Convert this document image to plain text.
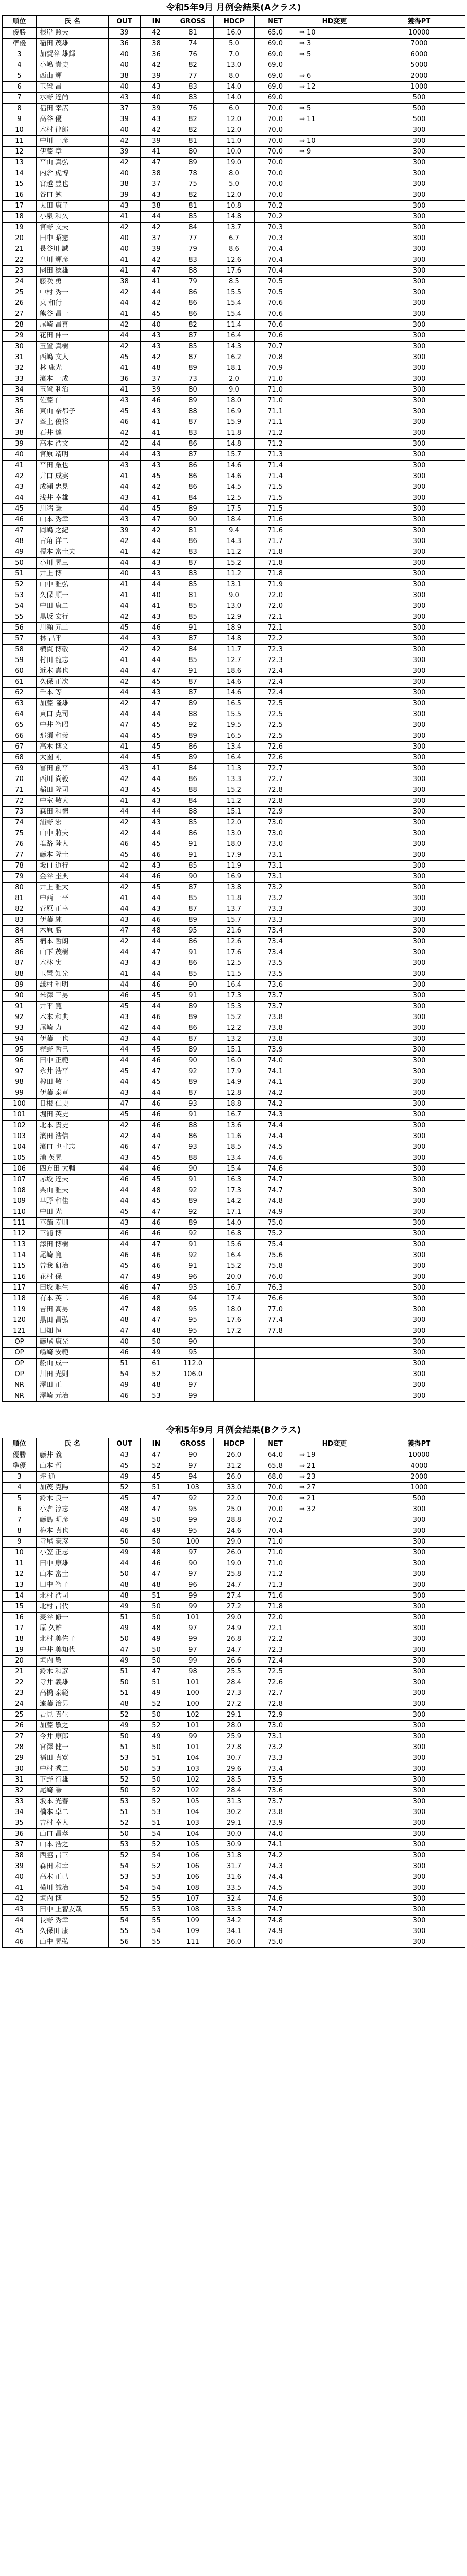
令和5年9月 月例会結果(Aクラス)
順位	氏 名	OUT	IN	GROSS	HDCP	NET	HD変更	獲得PT
優勝	根岸 照夫	39	42	81	16.0	65.0	⇒ 10	10000
準優	稲田 茂雄	36	38	74	5.0	69.0	⇒ 3	7000
3	加賀谷 雄輝	40	36	76	7.0	69.0	⇒ 5	6000
4	小嶋 貴史	40	42	82	13.0	69.0		5000
5	西山 輝	38	39	77	8.0	69.0	⇒ 6	2000
6	玉置 昌	40	43	83	14.0	69.0	⇒ 12	1000
7	水野 達尚	43	40	83	14.0	69.0		500
8	福田 幸広	37	39	76	6.0	70.0	⇒ 5	500
9	高谷 優	39	43	82	12.0	70.0	⇒ 11	500
10	木村 律郎	40	42	82	12.0	70.0		300
11	中川 一彦	42	39	81	11.0	70.0	⇒ 10	300
12	伊藤 章	39	41	80	10.0	70.0	⇒ 9	300
13	平山 真弘	42	47	89	19.0	70.0		300
14	内倉 虎博	40	38	78	8.0	70.0		300
15	宮越 豊也	38	37	75	5.0	70.0		300
16	谷口 勉	39	43	82	12.0	70.0		300
17	太田 康子	43	38	81	10.8	70.2		300
18	小泉 和久	41	44	85	14.8	70.2		300
19	宮野 文夫	42	42	84	13.7	70.3		300
20	田中 昭憲	40	37	77	6.7	70.3		300
21	長谷川 誠	40	39	79	8.6	70.4		300
22	皇川 輝彦	41	42	83	12.6	70.4		300
23	園田 稔雄	41	47	88	17.6	70.4		300
24	藤咲 勇	38	41	79	8.5	70.5		300
25	中村 秀一	42	44	86	15.5	70.5		300
26	東 和行	44	42	86	15.4	70.6		300
27	熊谷 昌一	41	45	86	15.4	70.6		300
28	尾崎 昌喜	42	40	82	11.4	70.6		300
29	花田 伸一	44	43	87	16.4	70.6		300
30	玉置 真樹	42	43	85	14.3	70.7		300
31	西嶋 文人	45	42	87	16.2	70.8		300
32	林 康光	41	48	89	18.1	70.9		300
33	濱本 一成	36	37	73	2.0	71.0		300
34	玉置 利治	41	39	80	9.0	71.0		300
35	佐藤 仁	43	46	89	18.0	71.0		300
36	東山 奈都子	45	43	88	16.9	71.1		300
37	峯上 俊裕	46	41	87	15.9	71.1		300
38	石井 達	42	41	83	11.8	71.2		300
39	高本 浩文	42	44	86	14.8	71.2		300
40	宮原 靖明	44	43	87	15.7	71.3		300
41	平田 厳也	43	43	86	14.6	71.4		300
42	井口 成実	41	45	86	14.6	71.4		300
43	成瀬 忠晃	44	42	86	14.5	71.5		300
44	浅井 幸雄	43	41	84	12.5	71.5		300
45	川端 謙	44	45	89	17.5	71.5		300
46	山本 秀幸	43	47	90	18.4	71.6		300
47	岡嶋 之紀	39	42	81	9.4	71.6		300
48	古角 洋二	42	44	86	14.3	71.7		300
49	榎本 富士夫	41	42	83	11.2	71.8		300
50	小川 晃三	44	43	87	15.2	71.8		300
51	井上 博	40	43	83	11.2	71.8		300
52	山中 雅弘	41	44	85	13.1	71.9		300
53	久保 順一	41	40	81	9.0	72.0		300
54	中田 康二	44	41	85	13.0	72.0		300
55	黒坂 宏行	42	43	85	12.9	72.1		300
56	川瀬 元二	45	46	91	18.9	72.1		300
57	林 昌平	44	43	87	14.8	72.2		300
58	横貫 博敬	42	42	84	11.7	72.3		300
59	村田 龍志	41	44	85	12.7	72.3		300
60	近木 壽也	44	47	91	18.6	72.4		300
61	久保 正次	42	45	87	14.6	72.4		300
62	千本 等	44	43	87	14.6	72.4		300
63	加藤 隆雄	42	47	89	16.5	72.5		300
64	東口 克司	44	44	88	15.5	72.5		300
65	中井 智昭	47	45	92	19.5	72.5		300
66	那須 和義	44	45	89	16.5	72.5		300
67	高木 博文	41	45	86	13.4	72.6		300
68	大園 剛	44	45	89	16.4	72.6		300
69	冨田 創平	43	41	84	11.3	72.7		300
70	西川 尚毅	42	44	86	13.3	72.7		300
71	稲田 隆司	43	45	88	15.2	72.8		300
72	中室 敬大	41	43	84	11.2	72.8		300
73	森田 和徳	44	44	88	15.1	72.9		300
74	浦野 宏	42	43	85	12.0	73.0		300
75	山中 將夫	42	44	86	13.0	73.0		300
76	塩路 陸人	46	45	91	18.0	73.0		300
77	藤本 隆士	45	46	91	17.9	73.1		300
78	坂口 道行	42	43	85	11.9	73.1		300
79	金谷 圭典	44	46	90	16.9	73.1		300
80	井上 雅大	42	45	87	13.8	73.2		300
81	中西 一平	41	44	85	11.8	73.2		300
82	菅原 正幸	44	43	87	13.7	73.3		300
83	伊藤 純	43	46	89	15.7	73.3		300
84	木原 勝	47	48	95	21.6	73.4		300
85	楠本 哲朗	42	44	86	12.6	73.4		300
86	山下 茂樹	44	47	91	17.6	73.4		300
87	木林 実	43	43	86	12.5	73.5		300
88	玉置 知光	41	44	85	11.5	73.5		300
89	謙村 和明	44	46	90	16.4	73.6		300
90	米澤 三男	46	45	91	17.3	73.7		300
91	井平 寛	45	44	89	15.3	73.7		300
92	木本 和典	43	46	89	15.2	73.8		300
93	尾崎 力	42	44	86	12.2	73.8		300
94	伊藤 一也	43	44	87	13.2	73.8		300
95	樫野 哲巳	44	45	89	15.1	73.9		300
96	田中 正範	44	46	90	16.0	74.0		300
97	永井 浩平	45	47	92	17.9	74.1		300
98	稗田 敬一	44	45	89	14.9	74.1		300
99	伊藤 泰章	43	44	87	12.8	74.2		300
100	日根 仁史	47	46	93	18.8	74.2		300
101	堀田 英史	45	46	91	16.7	74.3		300
102	北本 貴史	42	46	88	13.6	74.4		300
103	濱田 浩信	42	44	86	11.6	74.4		300
104	濱口 也寸志	46	47	93	18.5	74.5		300
105	浦 英晃	43	45	88	13.4	74.6		300
106	四方田 大輔	44	46	90	15.4	74.6		300
107	赤坂 達夫	46	45	91	16.3	74.7		300
108	栗山 雅夫	44	48	92	17.3	74.7		300
109	早野 和佳	44	45	89	14.2	74.8		300
110	中田 光	45	47	92	17.1	74.9		300
111	草薙 寿則	43	46	89	14.0	75.0		300
112	三浦 博	46	46	92	16.8	75.2		300
113	澤田 博樹	44	47	91	15.6	75.4		300
114	尾崎 寛	46	46	92	16.4	75.6		300
115	曽我 研治	45	46	91	15.2	75.8		300
116	花村 保	47	49	96	20.0	76.0		300
117	田坂 雅生	46	47	93	16.7	76.3		300
118	有本 英二	46	48	94	17.4	76.6		300
119	吉田 高男	47	48	95	18.0	77.0		300
120	黒田 昌弘	48	47	95	17.6	77.4		300
121	田畑 恒	47	48	95	17.2	77.8		300
OP	藤尾 康光	40	50	90				300
OP	嶋崎 安範	46	49	95				300
OP	舩山 成一	51	61	112.0				300
OP	川田 光則	54	52	106.0				300
NR	澤田 正	49	48	97				300
NR	澤崎 元治	46	53	99				300
令和5年9月 月例会結果(Bクラス)
順位	氏 名	OUT	IN	GROSS	HDCP	NET	HD変更	獲得PT
優勝	藤井 義	43	47	90	26.0	64.0	⇒ 19	10000
準優	山本 哲	45	52	97	31.2	65.8	⇒ 21	4000
3	坪 通	49	45	94	26.0	68.0	⇒ 23	2000
4	加茂 克陽	52	51	103	33.0	70.0	⇒ 27	1000
5	鈴木 良一	45	47	92	22.0	70.0	⇒ 21	500
6	小倉 淳志	48	47	95	25.0	70.0	⇒ 32	300
7	藤島 明彦	49	50	99	28.8	70.2		300
8	梅本 真也	46	49	95	24.6	70.4		300
9	寺尾 豪彦	50	50	100	29.0	71.0		300
10	小笠 正志	49	48	97	26.0	71.0		300
11	田中 康雄	44	46	90	19.0	71.0		300
12	山本 富士	50	47	97	25.8	71.2		300
13	田中 智子	48	48	96	24.7	71.3		300
14	北村 浩司	48	51	99	27.4	71.6		300
15	北村 昌代	49	50	99	27.2	71.8		300
16	麦谷 修一	51	50	101	29.0	72.0		300
17	原 久雄	49	48	97	24.9	72.1		300
18	北村 美佐子	50	49	99	26.8	72.2		300
19	中井 美知代	47	50	97	24.7	72.3		300
20	垣内 敏	49	50	99	26.6	72.4		300
21	鈴木 和彦	51	47	98	25.5	72.5		300
22	寺井 義雄	50	51	101	28.4	72.6		300
23	高橋 泰範	51	49	100	27.3	72.7		300
24	遠藤 治男	48	52	100	27.2	72.8		300
25	岩見 真生	52	50	102	29.1	72.9		300
26	加藤 敏之	49	52	101	28.0	73.0		300
27	今井 康郎	50	49	99	25.9	73.1		300
28	宮澤 健一	51	50	101	27.8	73.2		300
29	福田 真寛	53	51	104	30.7	73.3		300
30	中村 秀二	50	53	103	29.6	73.4		300
31	下野 行雄	52	50	102	28.5	73.5		300
32	尾崎 謙	50	52	102	28.4	73.6		300
33	坂本 光春	53	52	105	31.3	73.7		300
34	橋本 卓二	51	53	104	30.2	73.8		300
35	吉村 幸人	52	51	103	29.1	73.9		300
36	山口 昌孝	50	54	104	30.0	74.0		300
37	山本 浩之	53	52	105	30.9	74.1		300
38	西脇 昌三	52	54	106	31.8	74.2		300
39	森田 和幸	54	52	106	31.7	74.3		300
40	高木 正己	53	53	106	31.6	74.4		300
41	横川 誠治	54	54	108	33.5	74.5		300
42	垣内 博	52	55	107	32.4	74.6		300
43	田中 上智友哉	55	53	108	33.3	74.7		300
44	長野 秀幸	54	55	109	34.2	74.8		300
45	久保田 康	55	54	109	34.1	74.9		300
46	山中 晃弘	56	55	111	36.0	75.0		300
